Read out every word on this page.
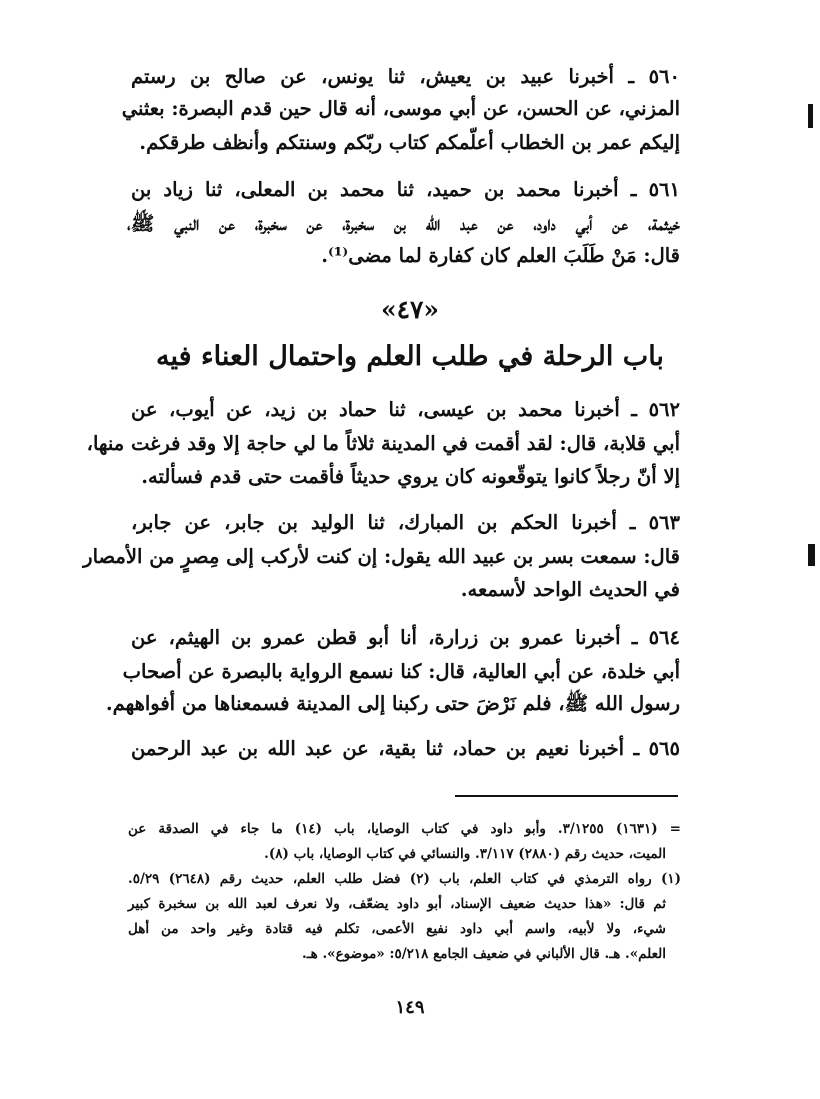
٥٦٠ ـ أخبرنا عبيد بن يعيش، ثنا يونس، عن صالح بن رستم
المزني، عن الحسن، عن أبي موسى، أنه قال حين قدم البصرة: بعثني
إليكم عمر بن الخطاب أعلّمكم كتاب ربّكم وسنتكم وأنظف طرقكم.
٥٦١ ـ أخبرنا محمد بن حميد، ثنا محمد بن المعلى، ثنا زياد بن
خيثمة، عن أبي داود، عن عبد الله بن سخبرة، عن سخبرة، عن النبي ﷺ،
قال: مَنْ طَلَبَ العلم كان كفارة لما مضى⁽¹⁾.
«٤٧»
باب الرحلة في طلب العلم واحتمال العناء فيه
٥٦٢ ـ أخبرنا محمد بن عيسى، ثنا حماد بن زيد، عن أيوب، عن
أبي قلابة، قال: لقد أقمت في المدينة ثلاثاً ما لي حاجة إلا وقد فرغت منها،
إلا أنّ رجلاً كانوا يتوقّعونه كان يروي حديثاً فأقمت حتى قدم فسألته.
٥٦٣ ـ أخبرنا الحكم بن المبارك، ثنا الوليد بن جابر، عن جابر،
قال: سمعت بسر بن عبيد الله يقول: إن كنت لأركب إلى مِصرٍ من الأمصار
في الحديث الواحد لأسمعه.
٥٦٤ ـ أخبرنا عمرو بن زرارة، أنا أبو قطن عمرو بن الهيثم، عن
أبي خلدة، عن أبي العالية، قال: كنا نسمع الرواية بالبصرة عن أصحاب
رسول الله ﷺ، فلم نَرْضَ حتى ركبنا إلى المدينة فسمعناها من أفواههم.
٥٦٥ ـ أخبرنا نعيم بن حماد، ثنا بقية، عن عبد الله بن عبد الرحمن
= (١٦٣١) ٣/١٢٥٥. وأبو داود في كتاب الوصايا، باب (١٤) ما جاء في الصدقة عن
الميت، حديث رقم (٢٨٨٠) ٣/١١٧. والنسائي في كتاب الوصايا، باب (٨).
(١) رواه الترمذي في كتاب العلم، باب (٢) فضل طلب العلم، حديث رقم (٢٦٤٨) ٥/٢٩.
ثم قال: «هذا حديث ضعيف الإسناد، أبو داود يضعّف، ولا نعرف لعبد الله بن سخبرة كبير
شيء، ولا لأبيه، واسم أبي داود نفيع الأعمى، تكلم فيه قتادة وغير واحد من أهل
العلم». هـ. قال الألباني في ضعيف الجامع ٥/٢١٨: «موضوع». هـ.
١٤٩
